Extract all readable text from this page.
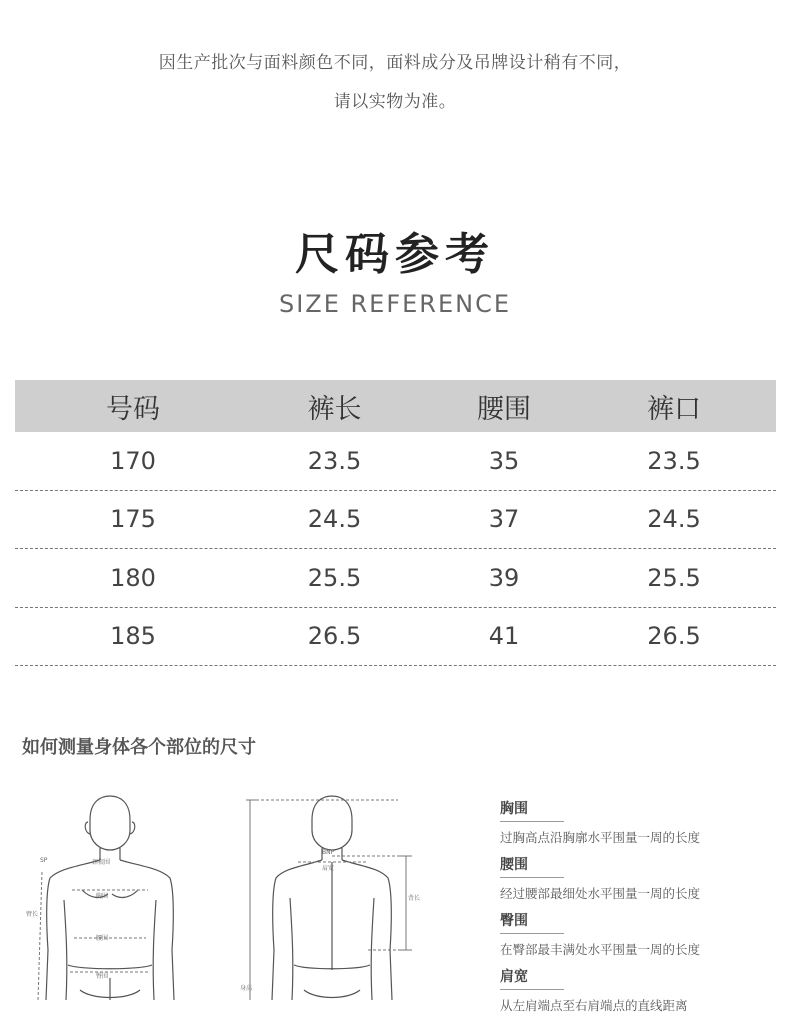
因生产批次与面料颜色不同，面料成分及吊牌设计稍有不同，
请以实物为准。
尺码参考
SIZE REFERENCE
号码	裤长	腰围	裤口
170	23.5	35	23.5
175	24.5	37	24.5
180	25.5	39	25.5
185	26.5	41	26.5
如何测量身体各个部位的尺寸
SP	颈根围
胸围
腰围
臀围
臂长
BNP
肩宽
背长
身高
胸围
过胸高点沿胸廓水平围量一周的长度
腰围
经过腰部最细处水平围量一周的长度
臀围
在臀部最丰满处水平围量一周的长度
肩宽
从左肩端点至右肩端点的直线距离
